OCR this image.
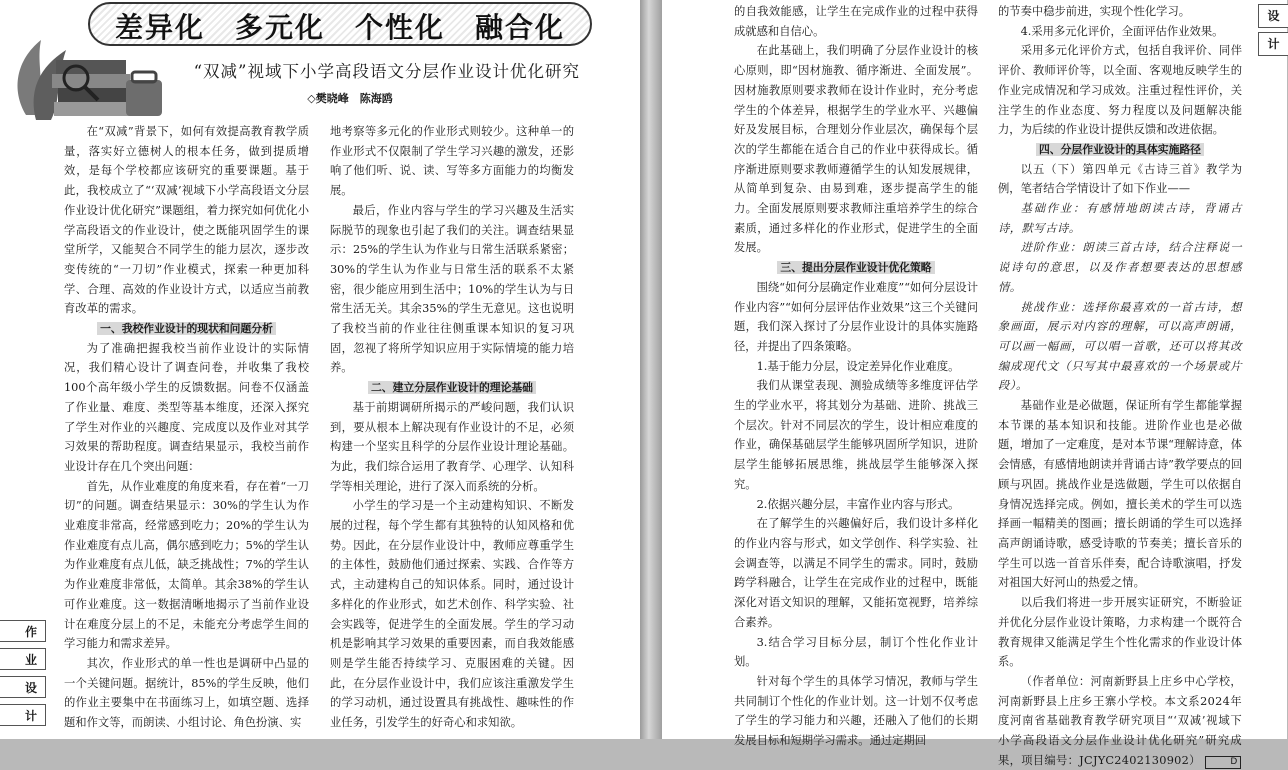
差异化　多元化　个性化　融合化
“双减”视域下小学高段语文分层作业设计优化研究
◇樊晓峰　陈海鸥

在“双减”背景下，如何有效提高教育教学质量，落实好立德树人的根本任务，做到提质增效，是每个学校都应该研究的重要课题。基于此，我校成立了“‘双减’视域下小学高段语文分层作业设计优化研究”课题组，着力探究如何优化小学高段语文的作业设计，使之既能巩固学生的课堂所学，又能契合不同学生的能力层次，逐步改变传统的“一刀切”作业模式，探索一种更加科学、合理、高效的作业设计方式，以适应当前教育改革的需求。

一、我校作业设计的现状和问题分析

为了准确把握我校当前作业设计的实际情况，我们精心设计了调查问卷，并收集了我校100个高年级小学生的反馈数据。问卷不仅涵盖了作业量、难度、类型等基本维度，还深入探究了学生对作业的兴趣度、完成度以及作业对其学习效果的帮助程度。调查结果显示，我校当前作业设计存在几个突出问题：

首先，从作业难度的角度来看，存在着“一刀切”的问题。调查结果显示：30%的学生认为作业难度非常高，经常感到吃力；20%的学生认为作业难度有点儿高，偶尔感到吃力；5%的学生认为作业难度有点儿低，缺乏挑战性；7%的学生认为作业难度非常低，太简单。其余38%的学生认可作业难度。这一数据清晰地揭示了当前作业设计在难度分层上的不足，未能充分考虑学生间的学习能力和需求差异。

其次，作业形式的单一性也是调研中凸显的一个关键问题。据统计，85%的学生反映，他们的作业主要集中在书面练习上，如填空题、选择题和作文等，而朗读、小组讨论、角色扮演、实

地考察等多元化的作业形式则较少。这种单一的作业形式不仅限制了学生学习兴趣的激发，还影响了他们听、说、读、写等多方面能力的均衡发展。

最后，作业内容与学生的学习兴趣及生活实际脱节的现象也引起了我们的关注。调查结果显示：25%的学生认为作业与日常生活联系紧密；30%的学生认为作业与日常生活的联系不太紧密，很少能应用到生活中；10%的学生认为与日常生活无关。其余35%的学生无意见。这也说明了我校当前的作业往往侧重课本知识的复习巩固，忽视了将所学知识应用于实际情境的能力培养。

二、建立分层作业设计的理论基础

基于前期调研所揭示的严峻问题，我们认识到，要从根本上解决现有作业设计的不足，必须构建一个坚实且科学的分层作业设计理论基础。为此，我们综合运用了教育学、心理学、认知科学等相关理论，进行了深入而系统的分析。

小学生的学习是一个主动建构知识、不断发展的过程，每个学生都有其独特的认知风格和优势。因此，在分层作业设计中，教师应尊重学生的主体性，鼓励他们通过探索、实践、合作等方式，主动建构自己的知识体系。同时，通过设计多样化的作业形式，如艺术创作、科学实验、社会实践等，促进学生的全面发展。学生的学习动机是影响其学习效果的重要因素，而自我效能感则是学生能否持续学习、克服困难的关键。因此，在分层作业设计中，我们应该注重激发学生的学习动机，通过设置具有挑战性、趣味性的作业任务，引发学生的好奇心和求知欲。

的自我效能感，让学生在完成作业的过程中获得成就感和自信心。

在此基础上，我们明确了分层作业设计的核心原则，即“因材施教、循序渐进、全面发展”。因材施教原则要求教师在设计作业时，充分考虑学生的个体差异，根据学生的学业水平、兴趣偏好及发展目标，合理划分作业层次，确保每个层次的学生都能在适合自己的作业中获得成长。循序渐进原则要求教师遵循学生的认知发展规律，从简单到复杂、由易到难，逐步提高学生的能力。全面发展原则要求教师注重培养学生的综合素质，通过多样化的作业形式，促进学生的全面发展。

三、提出分层作业设计优化策略

围绕“如何分层确定作业难度”“如何分层设计作业内容”“如何分层评估作业效果”这三个关键问题，我们深入探讨了分层作业设计的具体实施路径，并提出了四条策略。

1.基于能力分层，设定差异化作业难度。

我们从课堂表现、测验成绩等多维度评估学生的学业水平，将其划分为基础、进阶、挑战三个层次。针对不同层次的学生，设计相应难度的作业，确保基础层学生能够巩固所学知识，进阶层学生能够拓展思维，挑战层学生能够深入探究。

2.依据兴趣分层，丰富作业内容与形式。

在了解学生的兴趣偏好后，我们设计多样化的作业内容与形式，如文学创作、科学实验、社会调查等，以满足不同学生的需求。同时，鼓励跨学科融合，让学生在完成作业的过程中，既能深化对语文知识的理解，又能拓宽视野，培养综合素养。

3.结合学习目标分层，制订个性化作业计划。

针对每个学生的具体学习情况，教师与学生共同制订个性化的作业计划。这一计划不仅考虑了学生的学习能力和兴趣，还融入了他们的长期发展目标和短期学习需求。通过定期回

的节奏中稳步前进，实现个性化学习。

4.采用多元化评价，全面评估作业效果。

采用多元化评价方式，包括自我评价、同伴评价、教师评价等，以全面、客观地反映学生的作业完成情况和学习成效。注重过程性评价，关注学生的作业态度、努力程度以及问题解决能力，为后续的作业设计提供反馈和改进依据。

四、分层作业设计的具体实施路径

以五（下）第四单元《古诗三首》教学为例，笔者结合学情设计了如下作业——

基础作业：有感情地朗读古诗，背诵古诗，默写古诗。

进阶作业：朗读三首古诗，结合注释说一说诗句的意思，以及作者想要表达的思想感情。

挑战作业：选择你最喜欢的一首古诗，想象画面，展示对内容的理解，可以高声朗诵，可以画一幅画，可以唱一首歌，还可以将其改编成现代文（只写其中最喜欢的一个场景或片段）。

基础作业是必做题，保证所有学生都能掌握本节课的基本知识和技能。进阶作业也是必做题，增加了一定难度，是对本节课“理解诗意，体会情感，有感情地朗读并背诵古诗”教学要点的回顾与巩固。挑战作业是选做题，学生可以依据自身情况选择完成。例如，擅长美术的学生可以选择画一幅精美的图画；擅长朗诵的学生可以选择高声朗诵诗歌，感受诗歌的节奏美；擅长音乐的学生可以选一首音乐伴奏，配合诗歌演唱，抒发对祖国大好河山的热爱之情。

以后我们将进一步开展实证研究，不断验证并优化分层作业设计策略，力求构建一个既符合教育规律又能满足学生个性化需求的作业设计体系。

（作者单位：河南新野县上庄乡中心学校，河南新野县上庄乡王寨小学校。本文系2024年度河南省基础教育教学研究项目“‘双减’视域下小学高段语文分层作业设计优化研究”研究成果，项目编号：JCJYC2402130902）	D

作
业
设
计
设
计
